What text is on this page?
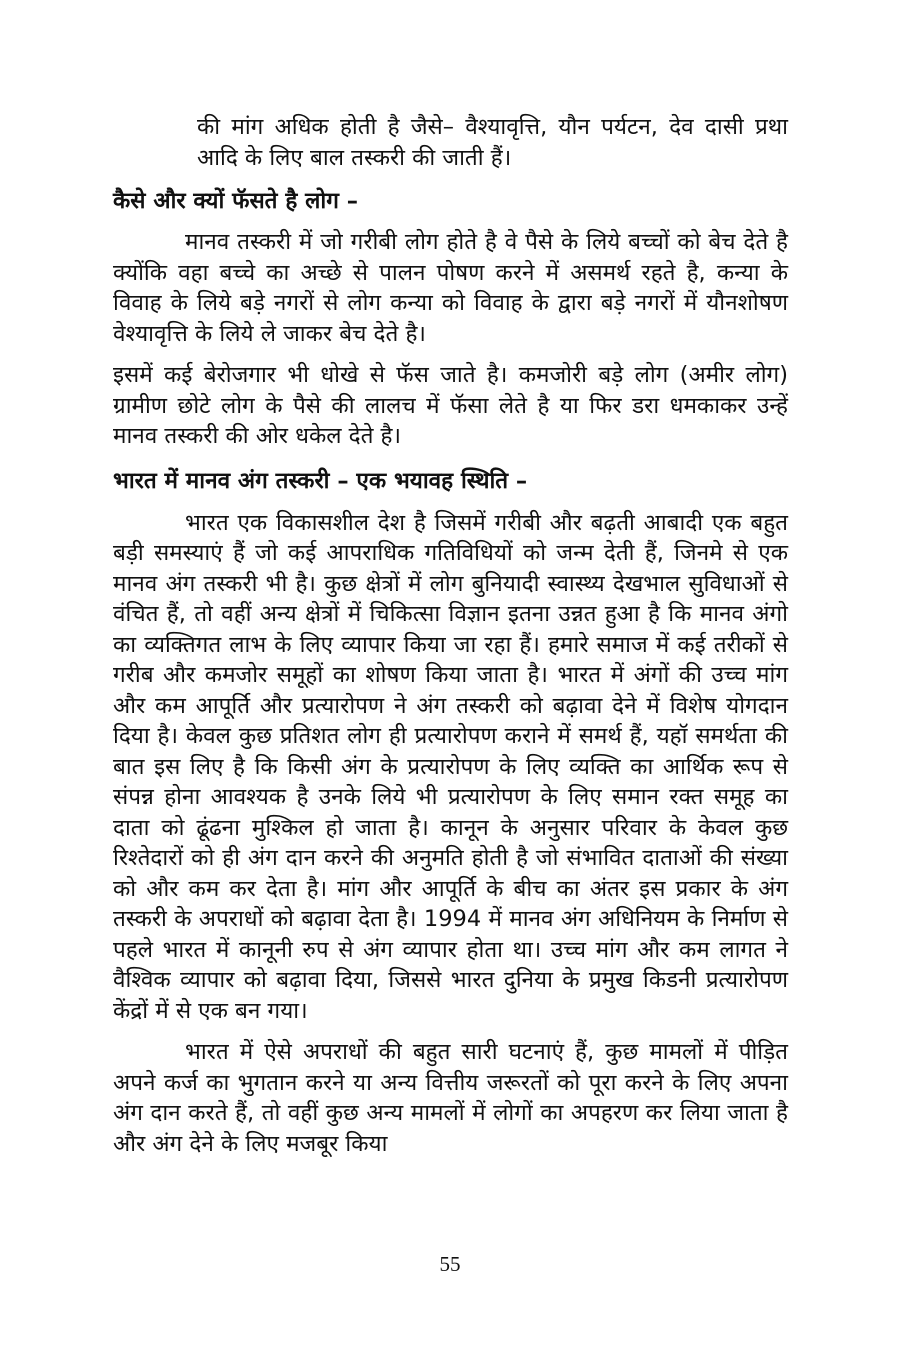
की मांग अधिक होती है जैसे– वैश्यावृत्ति, यौन पर्यटन, देव दासी प्रथा आदि के लिए बाल तस्करी की जाती हैं।

कैसे और क्यों फॅसते है लोग –

मानव तस्करी में जो गरीबी लोग होते है वे पैसे के लिये बच्चों को बेच देते है क्योंकि वहा बच्चे का अच्छे से पालन पोषण करने में असमर्थ रहते है, कन्या के विवाह के लिये बड़े नगरों से लोग कन्या को विवाह के द्वारा बड़े नगरों में यौनशोषण वेश्यावृत्ति के लिये ले जाकर बेच देते है।

इसमें कई बेरोजगार भी धोखे से फॅस जाते है। कमजोरी बड़े लोग (अमीर लोग) ग्रामीण छोटे लोग के पैसे की लालच में फॅसा लेते है या फिर डरा धमकाकर उन्हें मानव तस्करी की ओर धकेल देते है।

भारत में मानव अंग तस्करी – एक भयावह स्थिति –

भारत एक विकासशील देश है जिसमें गरीबी और बढ़ती आबादी एक बहुत बड़ी समस्याएं हैं जो कई आपराधिक गतिविधियों को जन्म देती हैं, जिनमे से एक मानव अंग तस्करी भी है। कुछ क्षेत्रों में लोग बुनियादी स्वास्थ्य देखभाल सुविधाओं से वंचित हैं, तो वहीं अन्य क्षेत्रों में चिकित्सा विज्ञान इतना उन्नत हुआ है कि मानव अंगो का व्यक्तिगत लाभ के लिए व्यापार किया जा रहा हैं। हमारे समाज में कई तरीकों से गरीब और कमजोर समूहों का शोषण किया जाता है। भारत में अंगों की उच्च मांग और कम आपूर्ति और प्रत्यारोपण ने अंग तस्करी को बढ़ावा देने में विशेष योगदान दिया है। केवल कुछ प्रतिशत लोग ही प्रत्यारोपण कराने में समर्थ हैं, यहॉ समर्थता की बात इस लिए है कि किसी अंग के प्रत्यारोपण के लिए व्यक्ति का आर्थिक रूप से संपन्न होना आवश्यक है उनके लिये भी प्रत्यारोपण के लिए समान रक्त समूह का दाता को ढूंढना मुश्किल हो जाता है। कानून के अनुसार परिवार के केवल कुछ रिश्तेदारों को ही अंग दान करने की अनुमति होती है जो संभावित दाताओं की संख्या को और कम कर देता है। मांग और आपूर्ति के बीच का अंतर इस प्रकार के अंग तस्करी के अपराधों को बढ़ावा देता है। 1994 में मानव अंग अधिनियम के निर्माण से पहले भारत में कानूनी रुप से अंग व्यापार होता था। उच्च मांग और कम लागत ने वैश्विक व्यापार को बढ़ावा दिया, जिससे भारत दुनिया के प्रमुख किडनी प्रत्यारोपण केंद्रों में से एक बन गया।

भारत में ऐसे अपराधों की बहुत सारी घटनाएं हैं, कुछ मामलों में पीड़ित अपने कर्ज का भुगतान करने या अन्य वित्तीय जरूरतों को पूरा करने के लिए अपना अंग दान करते हैं, तो वहीं कुछ अन्य मामलों में लोगों का अपहरण कर लिया जाता है और अंग देने के लिए मजबूर किया

55
